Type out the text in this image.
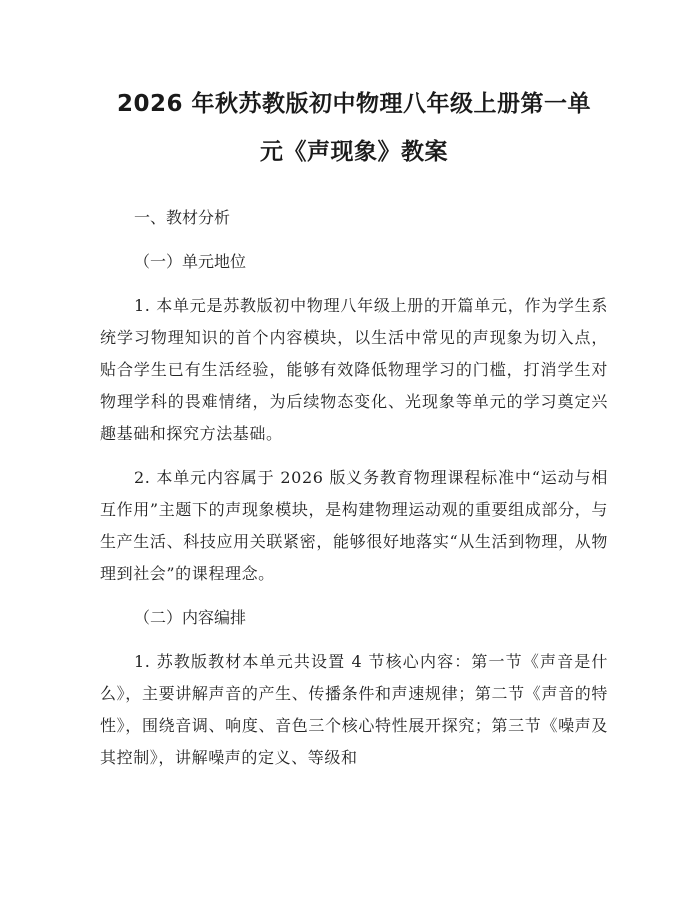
2026 年秋苏教版初中物理八年级上册第一单
元《声现象》教案

一、教材分析

（一）单元地位

1. 本单元是苏教版初中物理八年级上册的开篇单元，作为学生系统学习物理知识的首个内容模块，以生活中常见的声现象为切入点，贴合学生已有生活经验，能够有效降低物理学习的门槛，打消学生对物理学科的畏难情绪，为后续物态变化、光现象等单元的学习奠定兴趣基础和探究方法基础。

2. 本单元内容属于 2026 版义务教育物理课程标准中“运动与相互作用”主题下的声现象模块，是构建物理运动观的重要组成部分，与生产生活、科技应用关联紧密，能够很好地落实“从生活到物理，从物理到社会”的课程理念。

（二）内容编排

1. 苏教版教材本单元共设置 4 节核心内容：第一节《声音是什么》，主要讲解声音的产生、传播条件和声速规律；第二节《声音的特性》，围绕音调、响度、音色三个核心特性展开探究；第三节《噪声及其控制》，讲解噪声的定义、等级和
